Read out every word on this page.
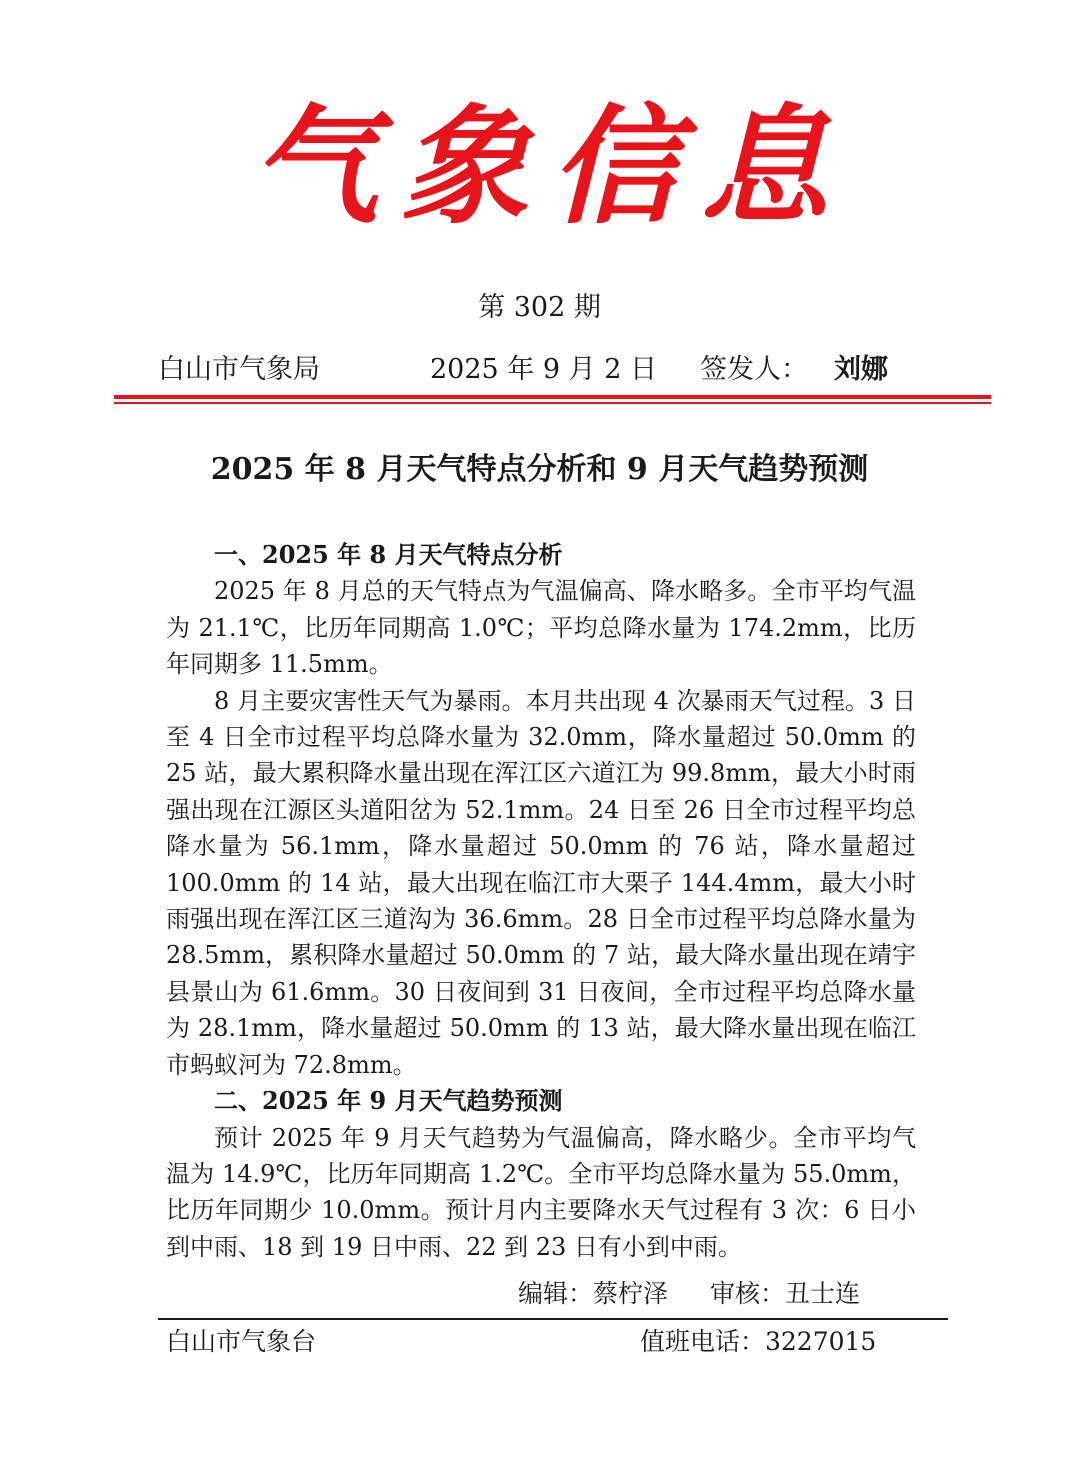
气象信息
第 302 期
白山市气象局	2025 年 9 月 2 日 签发人： 刘娜
2025 年 8 月天气特点分析和 9 月天气趋势预测

一、2025 年 8 月天气特点分析

2025 年 8 月总的天气特点为气温偏高、降水略多。全市平均气温为 21.1℃，比历年同期高 1.0℃；平均总降水量为 174.2mm，比历年同期多 11.5mm。

8 月主要灾害性天气为暴雨。本月共出现 4 次暴雨天气过程。3 日至 4 日全市过程平均总降水量为 32.0mm，降水量超过 50.0mm 的 25 站，最大累积降水量出现在浑江区六道江为 99.8mm，最大小时雨强出现在江源区头道阳岔为 52.1mm。24 日至 26 日全市过程平均总降水量为 56.1mm，降水量超过 50.0mm 的 76 站，降水量超过 100.0mm 的 14 站，最大出现在临江市大栗子 144.4mm，最大小时雨强出现在浑江区三道沟为 36.6mm。28 日全市过程平均总降水量为 28.5mm，累积降水量超过 50.0mm 的 7 站，最大降水量出现在靖宇县景山为 61.6mm。30 日夜间到 31 日夜间，全市过程平均总降水量为 28.1mm，降水量超过 50.0mm 的 13 站，最大降水量出现在临江市蚂蚁河为 72.8mm。

二、2025 年 9 月天气趋势预测

预计 2025 年 9 月天气趋势为气温偏高，降水略少。全市平均气温为 14.9℃，比历年同期高 1.2℃。全市平均总降水量为 55.0mm，比历年同期少 10.0mm。预计月内主要降水天气过程有 3 次：6 日小到中雨、18 到 19 日中雨、22 到 23 日有小到中雨。

编辑：蔡柠泽 审核：丑士连
白山市气象台	值班电话：3227015
